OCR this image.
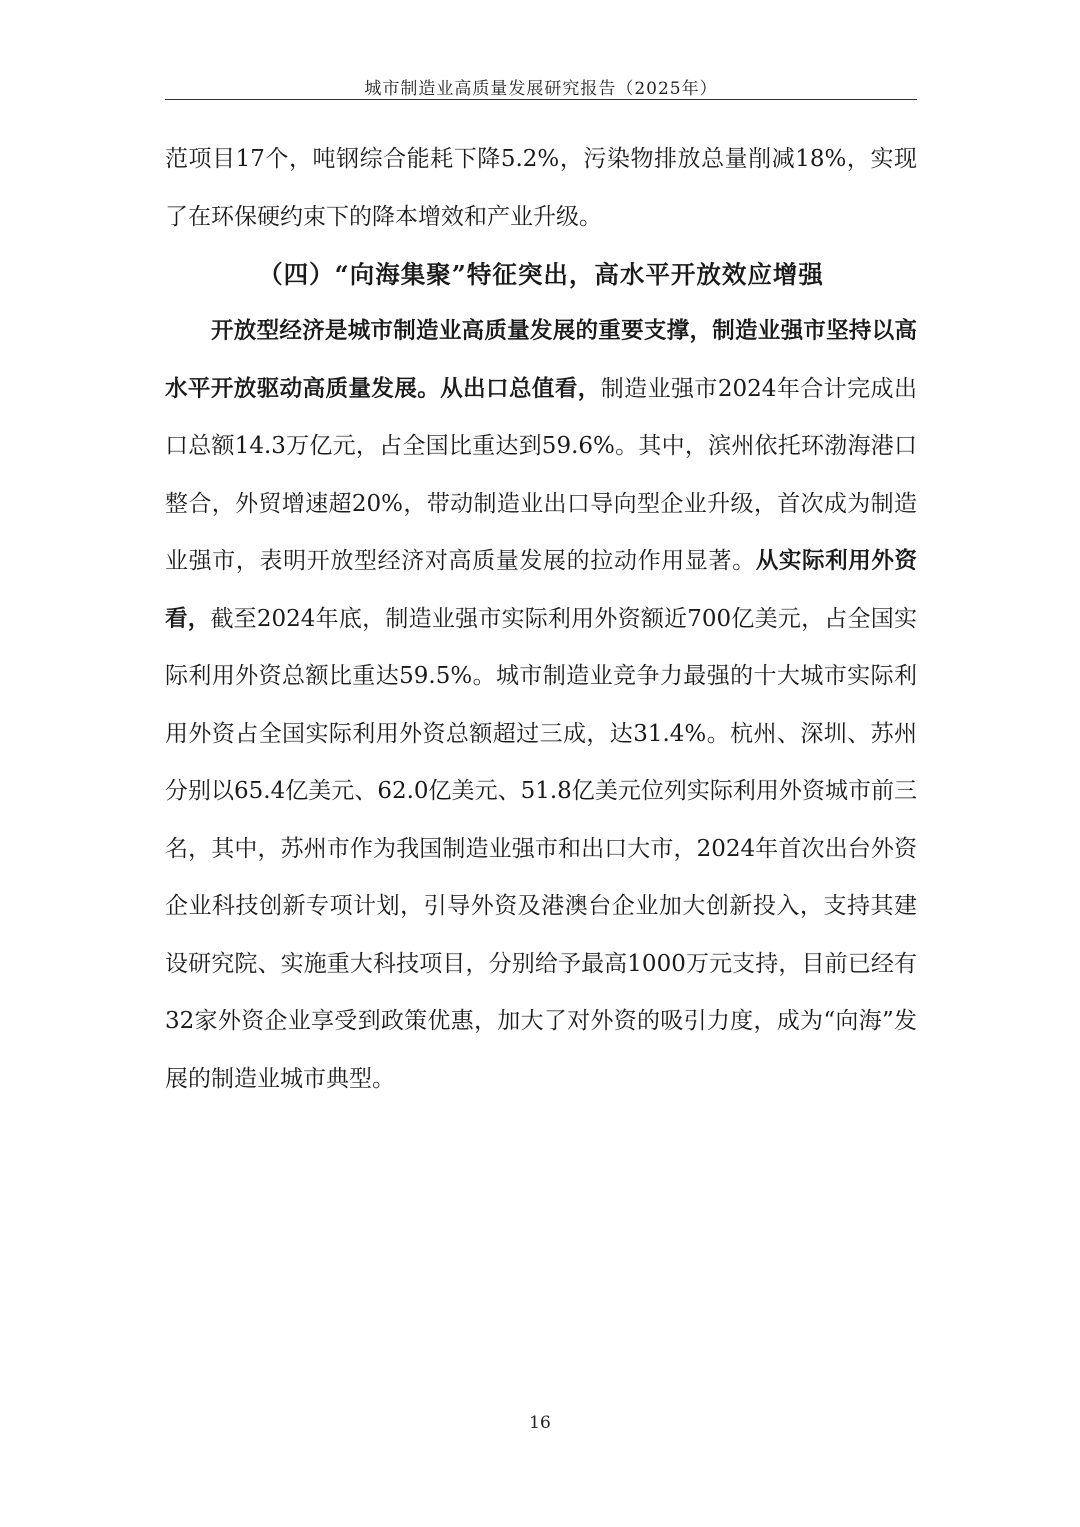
城市制造业高质量发展研究报告（2025年）

范项目17个，吨钢综合能耗下降5.2%，污染物排放总量削减18%，实现了在环保硬约束下的降本增效和产业升级。

（四）“向海集聚”特征突出，高水平开放效应增强

开放型经济是城市制造业高质量发展的重要支撑，制造业强市坚持以高水平开放驱动高质量发展。从出口总值看，制造业强市2024年合计完成出口总额14.3万亿元，占全国比重达到59.6%。其中，滨州依托环渤海港口整合，外贸增速超20%，带动制造业出口导向型企业升级，首次成为制造业强市，表明开放型经济对高质量发展的拉动作用显著。从实际利用外资看，截至2024年底，制造业强市实际利用外资额近700亿美元，占全国实际利用外资总额比重达59.5%。城市制造业竞争力最强的十大城市实际利用外资占全国实际利用外资总额超过三成，达31.4%。杭州、深圳、苏州分别以65.4亿美元、62.0亿美元、51.8亿美元位列实际利用外资城市前三名，其中，苏州市作为我国制造业强市和出口大市，2024年首次出台外资企业科技创新专项计划，引导外资及港澳台企业加大创新投入，支持其建设研究院、实施重大科技项目，分别给予最高1000万元支持，目前已经有32家外资企业享受到政策优惠，加大了对外资的吸引力度，成为“向海”发展的制造业城市典型。

16
